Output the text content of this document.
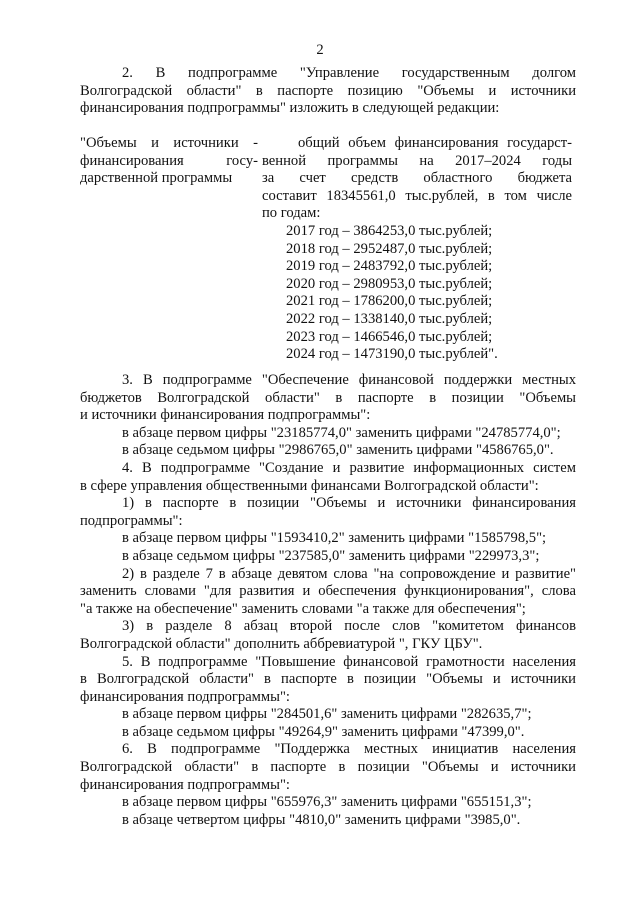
2
2. В подпрограмме "Управление государственным долгом
Волгоградской области" в паспорте позицию "Объемы и источники
финансирования подпрограммы" изложить в следующей редакции:
"Объемы и источники -
финансирования госу-
дарственной программы
общий объем финансирования государст-
венной программы на 2017–2024 годы
за счет средств областного бюджета
составит 18345561,0 тыс.рублей, в том числе
по годам:
2017 год – 3864253,0 тыс.рублей;
2018 год – 2952487,0 тыс.рублей;
2019 год – 2483792,0 тыс.рублей;
2020 год – 2980953,0 тыс.рублей;
2021 год – 1786200,0 тыс.рублей;
2022 год – 1338140,0 тыс.рублей;
2023 год – 1466546,0 тыс.рублей;
2024 год – 1473190,0 тыс.рублей".
3. В подпрограмме "Обеспечение финансовой поддержки местных
бюджетов Волгоградской области" в паспорте в позиции "Объемы
и источники финансирования подпрограммы":
в абзаце первом цифры "23185774,0" заменить цифрами "24785774,0";
в абзаце седьмом цифры "2986765,0" заменить цифрами "4586765,0".
4. В подпрограмме "Создание и развитие информационных систем
в сфере управления общественными финансами Волгоградской области":
1) в паспорте в позиции "Объемы и источники финансирования
подпрограммы":
в абзаце первом цифры "1593410,2" заменить цифрами "1585798,5";
в абзаце седьмом цифры "237585,0" заменить цифрами "229973,3";
2) в разделе 7 в абзаце девятом слова "на сопровождение и развитие"
заменить словами "для развития и обеспечения функционирования", слова
"а также на обеспечение" заменить словами "а также для обеспечения";
3) в разделе 8 абзац второй после слов "комитетом финансов
Волгоградской области" дополнить аббревиатурой ", ГКУ ЦБУ".
5. В подпрограмме "Повышение финансовой грамотности населения
в Волгоградской области" в паспорте в позиции "Объемы и источники
финансирования подпрограммы":
в абзаце первом цифры "284501,6" заменить цифрами "282635,7";
в абзаце седьмом цифры "49264,9" заменить цифрами "47399,0".
6. В подпрограмме "Поддержка местных инициатив населения
Волгоградской области" в паспорте в позиции "Объемы и источники
финансирования подпрограммы":
в абзаце первом цифры "655976,3" заменить цифрами "655151,3";
в абзаце четвертом цифры "4810,0" заменить цифрами "3985,0".
